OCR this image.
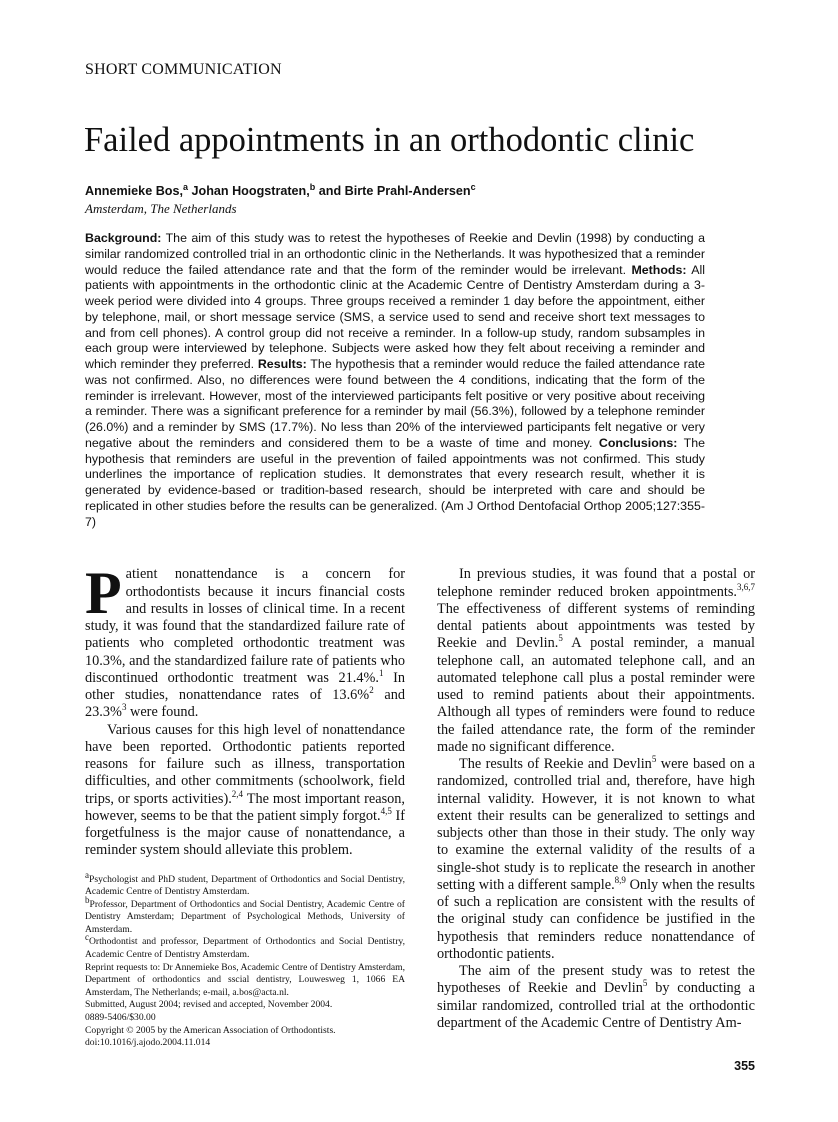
SHORT COMMUNICATION
Failed appointments in an orthodontic clinic
Annemieke Bos,$^a$ Johan Hoogstraten,$^b$ and Birte Prahl-Andersen$^c$
Amsterdam, The Netherlands
Background: The aim of this study was to retest the hypotheses of Reekie and Devlin (1998) by conducting a similar randomized controlled trial in an orthodontic clinic in the Netherlands. It was hypothesized that a reminder would reduce the failed attendance rate and that the form of the reminder would be irrelevant. Methods: All patients with appointments in the orthodontic clinic at the Academic Centre of Dentistry Amsterdam during a 3-week period were divided into 4 groups. Three groups received a reminder 1 day before the appointment, either by telephone, mail, or short message service (SMS, a service used to send and receive short text messages to and from cell phones). A control group did not receive a reminder. In a follow-up study, random subsamples in each group were interviewed by telephone. Subjects were asked how they felt about receiving a reminder and which reminder they preferred. Results: The hypothesis that a reminder would reduce the failed attendance rate was not confirmed. Also, no differences were found between the 4 conditions, indicating that the form of the reminder is irrelevant. However, most of the interviewed participants felt positive or very positive about receiving a reminder. There was a significant preference for a reminder by mail (56.3%), followed by a telephone reminder (26.0%) and a reminder by SMS (17.7%). No less than 20% of the interviewed participants felt negative or very negative about the reminders and considered them to be a waste of time and money. Conclusions: The hypothesis that reminders are useful in the prevention of failed appointments was not confirmed. This study underlines the importance of replication studies. It demonstrates that every research result, whether it is generated by evidence-based or tradition-based research, should be interpreted with care and should be replicated in other studies before the results can be generalized. (Am J Orthod Dentofacial Orthop 2005;127:355-7)

Patient nonattendance is a concern for orthodontists because it incurs financial costs and results in losses of clinical time. In a recent study, it was found that the standardized failure rate of patients who completed orthodontic treatment was 10.3%, and the standardized failure rate of patients who discontinued orthodontic treatment was 21.4%.$^1$ In other studies, nonattendance rates of 13.6%$^2$ and 23.3%$^3$ were found.

Various causes for this high level of nonattendance have been reported. Orthodontic patients reported reasons for failure such as illness, transportation difficulties, and other commitments (schoolwork, field trips, or sports activities).$^{2,4}$ The most important reason, however, seems to be that the patient simply forgot.$^{4,5}$ If forgetfulness is the major cause of nonattendance, a reminder system should alleviate this problem.

$^a$Psychologist and PhD student, Department of Orthodontics and Social Dentistry, Academic Centre of Dentistry Amsterdam.
$^b$Professor, Department of Orthodontics and Social Dentistry, Academic Centre of Dentistry Amsterdam; Department of Psychological Methods, University of Amsterdam.
$^c$Orthodontist and professor, Department of Orthodontics and Social Dentistry, Academic Centre of Dentistry Amsterdam.
Reprint requests to: Dr Annemieke Bos, Academic Centre of Dentistry Amsterdam, Department of orthodontics and sscial dentistry, Louwesweg 1, 1066 EA Amsterdam, The Netherlands; e-mail, a.bos@acta.nl.
Submitted, August 2004; revised and accepted, November 2004.
0889-5406/$30.00
Copyright © 2005 by the American Association of Orthodontists.
doi:10.1016/j.ajodo.2004.11.014

In previous studies, it was found that a postal or telephone reminder reduced broken appointments.$^{3,6,7}$ The effectiveness of different systems of reminding dental patients about appointments was tested by Reekie and Devlin.$^5$ A postal reminder, a manual telephone call, an automated telephone call, and an automated telephone call plus a postal reminder were used to remind patients about their appointments. Although all types of reminders were found to reduce the failed attendance rate, the form of the reminder made no significant difference.

The results of Reekie and Devlin$^5$ were based on a randomized, controlled trial and, therefore, have high internal validity. However, it is not known to what extent their results can be generalized to settings and subjects other than those in their study. The only way to examine the external validity of the results of a single-shot study is to replicate the research in another setting with a different sample.$^{8,9}$ Only when the results of such a replication are consistent with the results of the original study can confidence be justified in the hypothesis that reminders reduce nonattendance of orthodontic patients.

The aim of the present study was to retest the hypotheses of Reekie and Devlin$^5$ by conducting a similar randomized, controlled trial at the orthodontic department of the Academic Centre of Dentistry Am-

355
